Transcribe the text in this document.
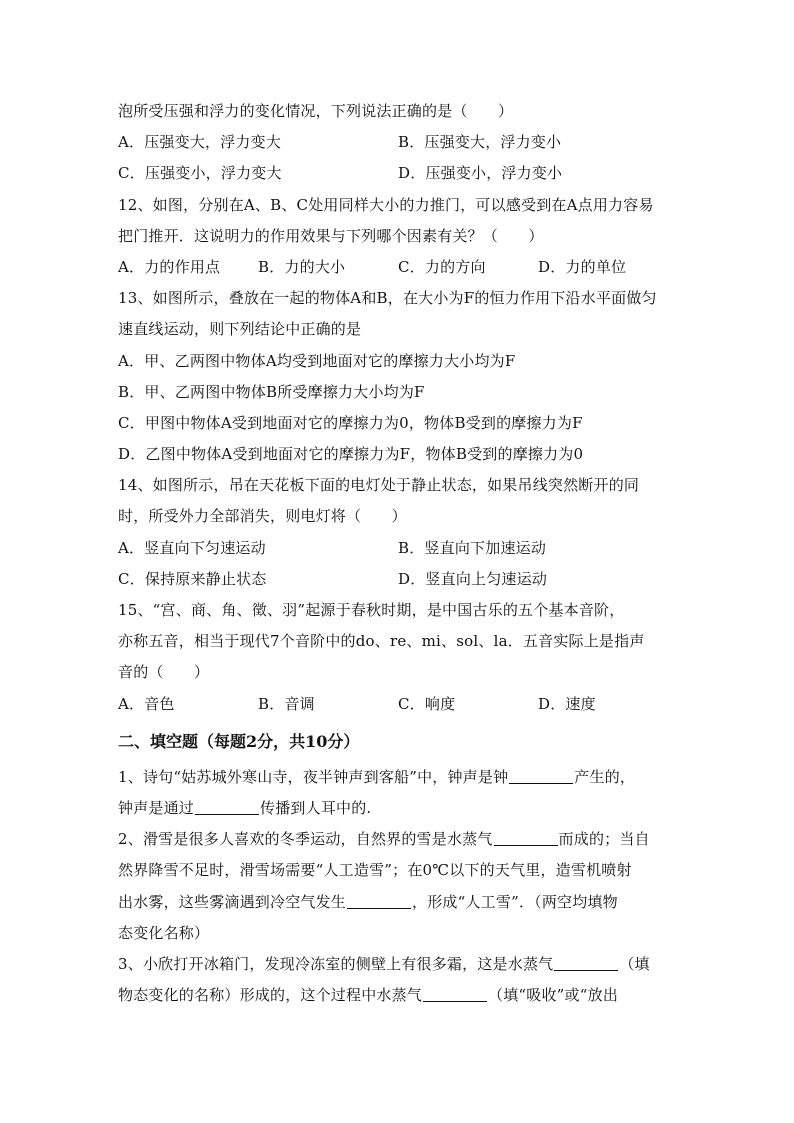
泡所受压强和浮力的变化情况，下列说法正确的是（　　）
A．压强变大，浮力变大	B．压强变大，浮力变小
C．压强变小，浮力变大	D．压强变小，浮力变小
12、如图，分别在A、B、C处用同样大小的力推门，可以感受到在A点用力容易
把门推开．这说明力的作用效果与下列哪个因素有关？（　　）
A．力的作用点	B．力的大小	C．力的方向	D．力的单位
13、如图所示，叠放在一起的物体A和B，在大小为F的恒力作用下沿水平面做匀
速直线运动，则下列结论中正确的是
A．甲、乙两图中物体A均受到地面对它的摩擦力大小均为F
B．甲、乙两图中物体B所受摩擦力大小均为F
C．甲图中物体A受到地面对它的摩擦力为0，物体B受到的摩擦力为F
D．乙图中物体A受到地面对它的摩擦力为F，物体B受到的摩擦力为0
14、如图所示，吊在天花板下面的电灯处于静止状态，如果吊线突然断开的同
时，所受外力全部消失，则电灯将（　　）
A．竖直向下匀速运动	B．竖直向下加速运动
C．保持原来静止状态	D．竖直向上匀速运动
15、“宫、商、角、徵、羽”起源于春秋时期，是中国古乐的五个基本音阶，
亦称五音，相当于现代7个音阶中的do、re、mi、sol、la．五音实际上是指声
音的（　　）
A．音色	B．音调	C．响度	D．速度
二、填空题（每题2分，共10分）
1、诗句“姑苏城外寒山寺，夜半钟声到客船”中，钟声是钟	产生的，
钟声是通过	传播到人耳中的.
2、滑雪是很多人喜欢的冬季运动，自然界的雪是水蒸气	而成的；当自
然界降雪不足时，滑雪场需要“人工造雪”；在0℃以下的天气里，造雪机喷射
出水雾，这些雾滴遇到冷空气发生	，形成“人工雪”．（两空均填物
态变化名称）
3、小欣打开冰箱门，发现冷冻室的侧壁上有很多霜，这是水蒸气	（填
物态变化的名称）形成的，这个过程中水蒸气	（填“吸收”或“放出
